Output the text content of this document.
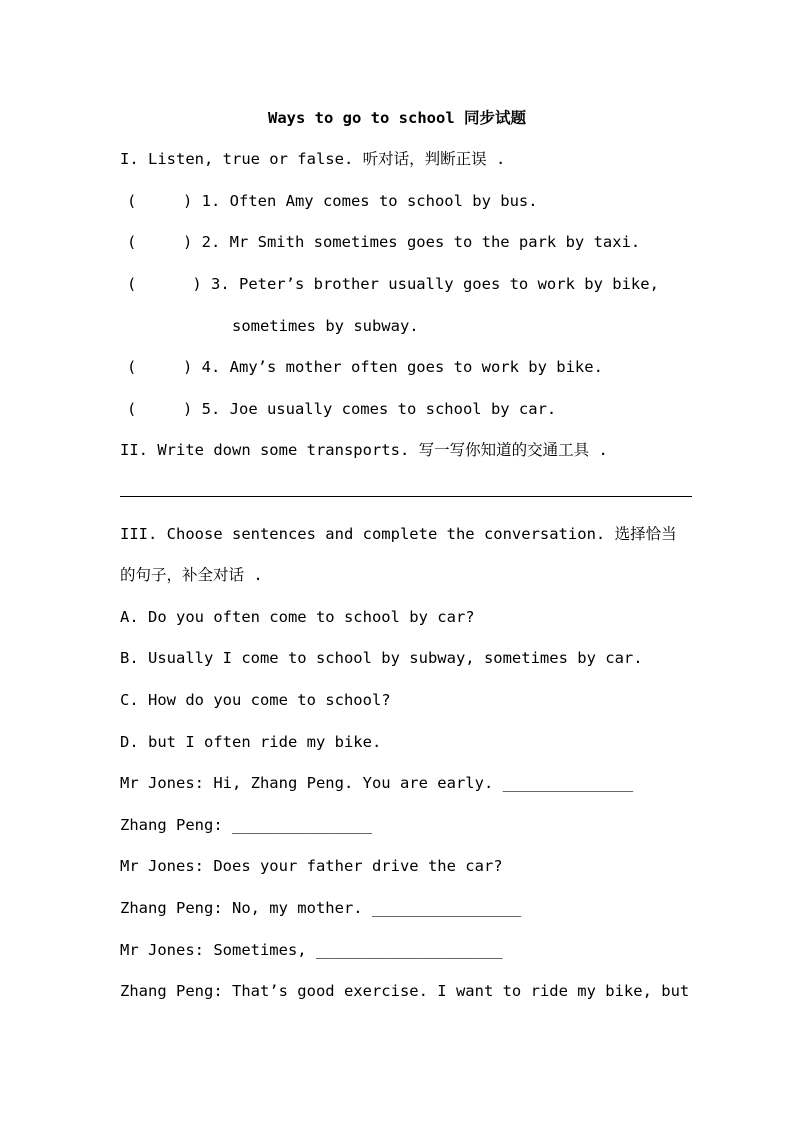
Ways to go to school 同步试题
I. Listen, true or false. 听对话，判断正误 .
(     ) 1. Often Amy comes to school by bus.
(     ) 2. Mr Smith sometimes goes to the park by taxi.
(      ) 3. Peter’s brother usually goes to work by bike,
sometimes by subway.
(     ) 4. Amy’s mother often goes to work by bike.
(     ) 5. Joe usually comes to school by car.
II. Write down some transports. 写一写你知道的交通工具 .
III. Choose sentences and complete the conversation. 选择恰当
的句子，补全对话 .
A. Do you often come to school by car?
B. Usually I come to school by subway, sometimes by car.
C. How do you come to school?
D. but I often ride my bike.
Mr Jones: Hi, Zhang Peng. You are early. ______________
Zhang Peng: _______________
Mr Jones: Does your father drive the car?
Zhang Peng: No, my mother. ________________
Mr Jones: Sometimes, ____________________
Zhang Peng: That’s good exercise. I want to ride my bike, but
